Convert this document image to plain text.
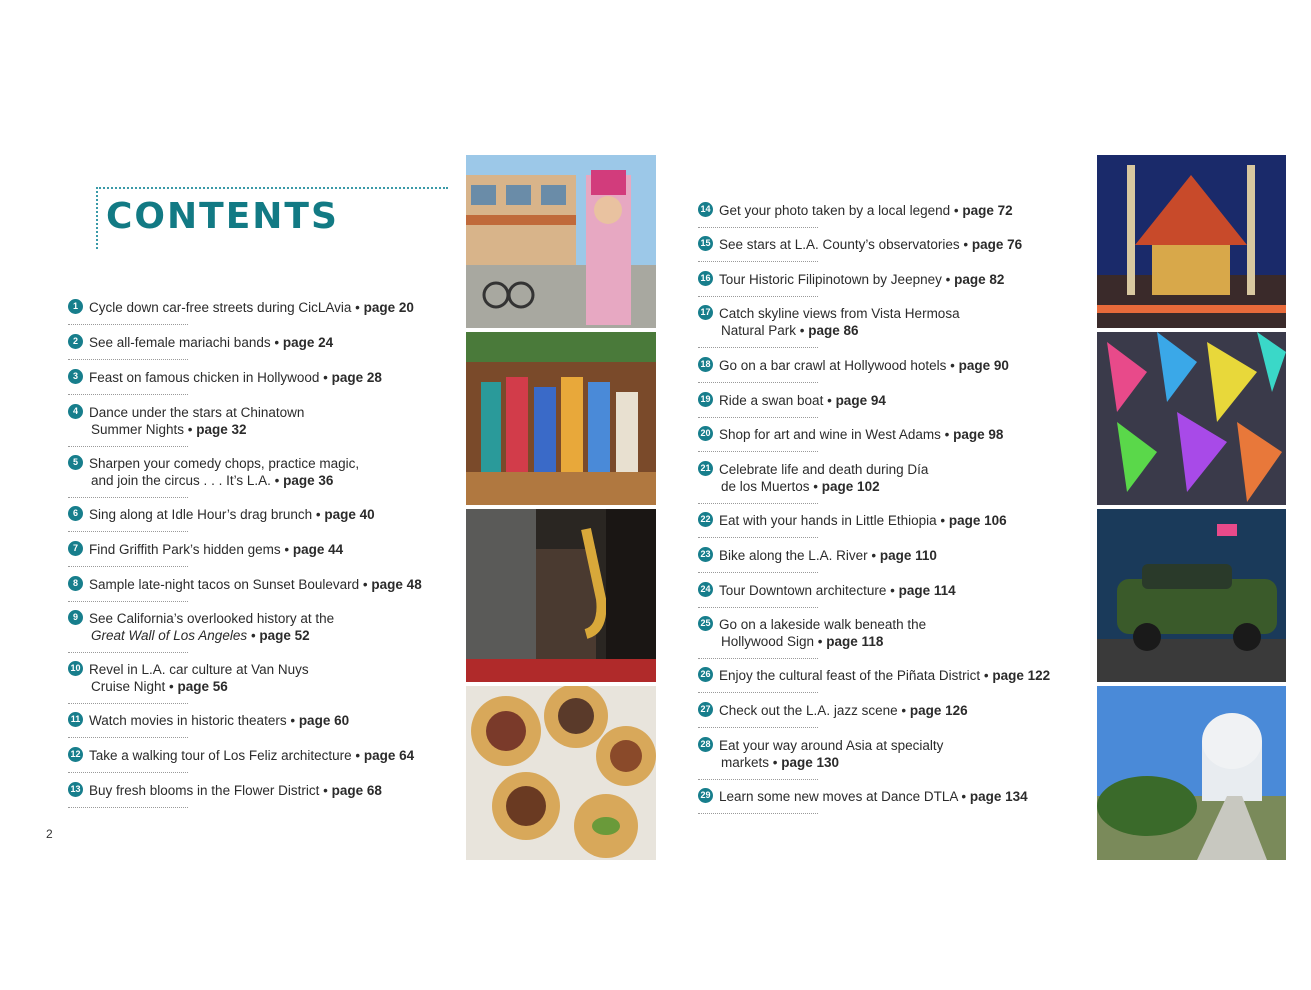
CONTENTS
1 Cycle down car-free streets during CicLAvia • page 20
2 See all-female mariachi bands • page 24
3 Feast on famous chicken in Hollywood • page 28
4 Dance under the stars at Chinatown
Summer Nights • page 32
5 Sharpen your comedy chops, practice magic,
and join the circus . . . It’s L.A. • page 36
6 Sing along at Idle Hour’s drag brunch • page 40
7 Find Griffith Park’s hidden gems • page 44
8 Sample late-night tacos on Sunset Boulevard • page 48
9 See California’s overlooked history at the
Great Wall of Los Angeles • page 52
10 Revel in L.A. car culture at Van Nuys
Cruise Night • page 56
11 Watch movies in historic theaters • page 60
12 Take a walking tour of Los Feliz architecture • page 64
13 Buy fresh blooms in the Flower District • page 68
14 Get your photo taken by a local legend • page 72
15 See stars at L.A. County’s observatories • page 76
16 Tour Historic Filipinotown by Jeepney • page 82
17 Catch skyline views from Vista Hermosa
Natural Park • page 86
18 Go on a bar crawl at Hollywood hotels • page 90
19 Ride a swan boat • page 94
20 Shop for art and wine in West Adams • page 98
21 Celebrate life and death during Día
de los Muertos • page 102
22 Eat with your hands in Little Ethiopia • page 106
23 Bike along the L.A. River • page 110
24 Tour Downtown architecture • page 114
25 Go on a lakeside walk beneath the
Hollywood Sign • page 118
26 Enjoy the cultural feast of the Piñata District • page 122
27 Check out the L.A. jazz scene • page 126
28 Eat your way around Asia at specialty
markets • page 130
29 Learn some new moves at Dance DTLA • page 134
2
